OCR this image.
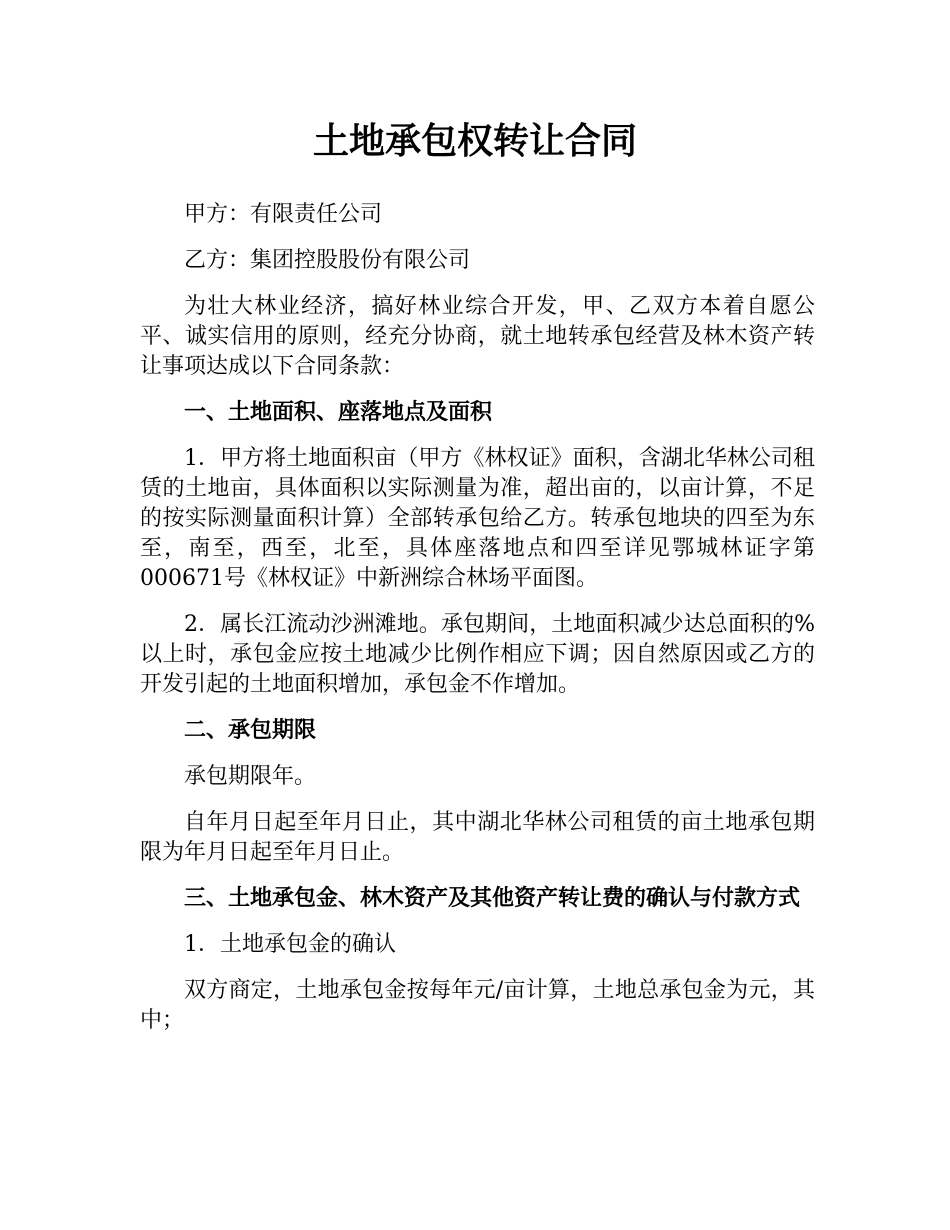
土地承包权转让合同

甲方：有限责任公司

乙方：集团控股股份有限公司

为壮大林业经济，搞好林业综合开发，甲、乙双方本着自愿公平、诚实信用的原则，经充分协商，就土地转承包经营及林木资产转让事项达成以下合同条款：

一、土地面积、座落地点及面积

1．甲方将土地面积亩（甲方《林权证》面积，含湖北华林公司租赁的土地亩，具体面积以实际测量为准，超出亩的，以亩计算，不足的按实际测量面积计算）全部转承包给乙方。转承包地块的四至为东至，南至，西至，北至，具体座落地点和四至详见鄂城林证字第000671号《林权证》中新洲综合林场平面图。

2．属长江流动沙洲滩地。承包期间，土地面积减少达总面积的%以上时，承包金应按土地减少比例作相应下调；因自然原因或乙方的开发引起的土地面积增加，承包金不作增加。

二、承包期限

承包期限年。

自年月日起至年月日止，其中湖北华林公司租赁的亩土地承包期限为年月日起至年月日止。

三、土地承包金、林木资产及其他资产转让费的确认与付款方式

1．土地承包金的确认

双方商定，土地承包金按每年元/亩计算，土地总承包金为元，其中；
